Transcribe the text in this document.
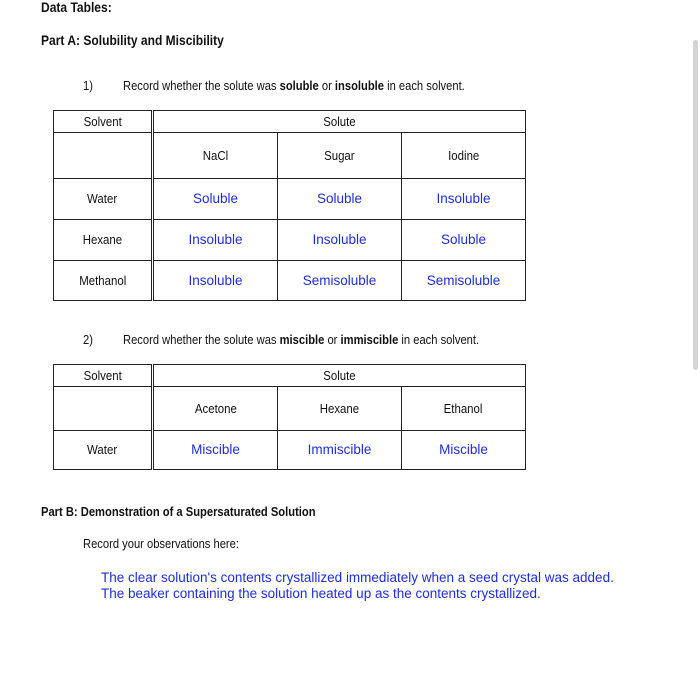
Data Tables:
Part A: Solubility and Miscibility
1) Record whether the solute was soluble or insoluble in each solvent.
Solvent	Solute		
	NaCl	Sugar	Iodine
Water	Soluble	Soluble	Insoluble
Hexane	Insoluble	Insoluble	Soluble
Methanol	Insoluble	Semisoluble	Semisoluble
2) Record whether the solute was miscible or immiscible in each solvent.
Solvent	Solute		
	Acetone	Hexane	Ethanol
Water	Miscible	Immiscible	Miscible
Part B: Demonstration of a Supersaturated Solution
Record your observations here:
The clear solution's contents crystallized immediately when a seed crystal was added.
The beaker containing the solution heated up as the contents crystallized.
